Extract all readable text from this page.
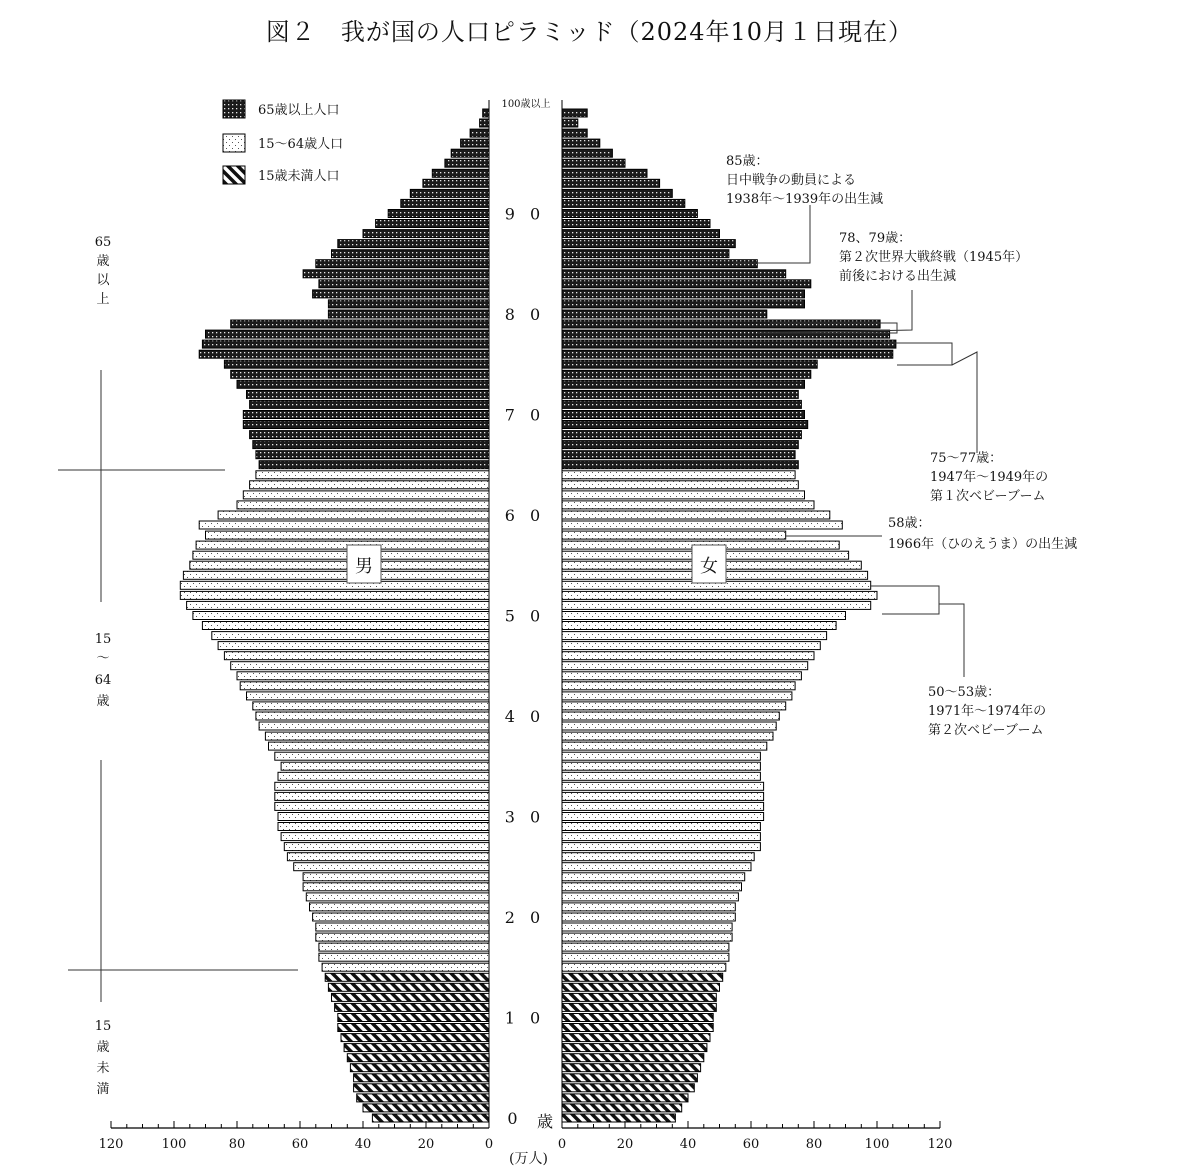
図２　我が国の人口ピラミッド（2024年10月１日現在）
65歳以上人口
15～64歳人口
15歳未満人口
0
1 0
2 0
3 0
4 0
5 0
6 0
7 0
8 0
9 0
100歳以上
歳
0	0
20	20
40	40
60	60
80	80
100	100
120	120
(万人)
65
歳
以
上
15
～
64
歳
15
歳
未
満
男	女
85歳：
日中戦争の動員による
1938年～1939年の出生減
78、79歳：
第２次世界大戦終戦（1945年）
前後における出生減
75～77歳：
1947年～1949年の
第１次ベビーブーム
58歳：
1966年（ひのえうま）の出生減
50～53歳：
1971年～1974年の
第２次ベビーブーム
